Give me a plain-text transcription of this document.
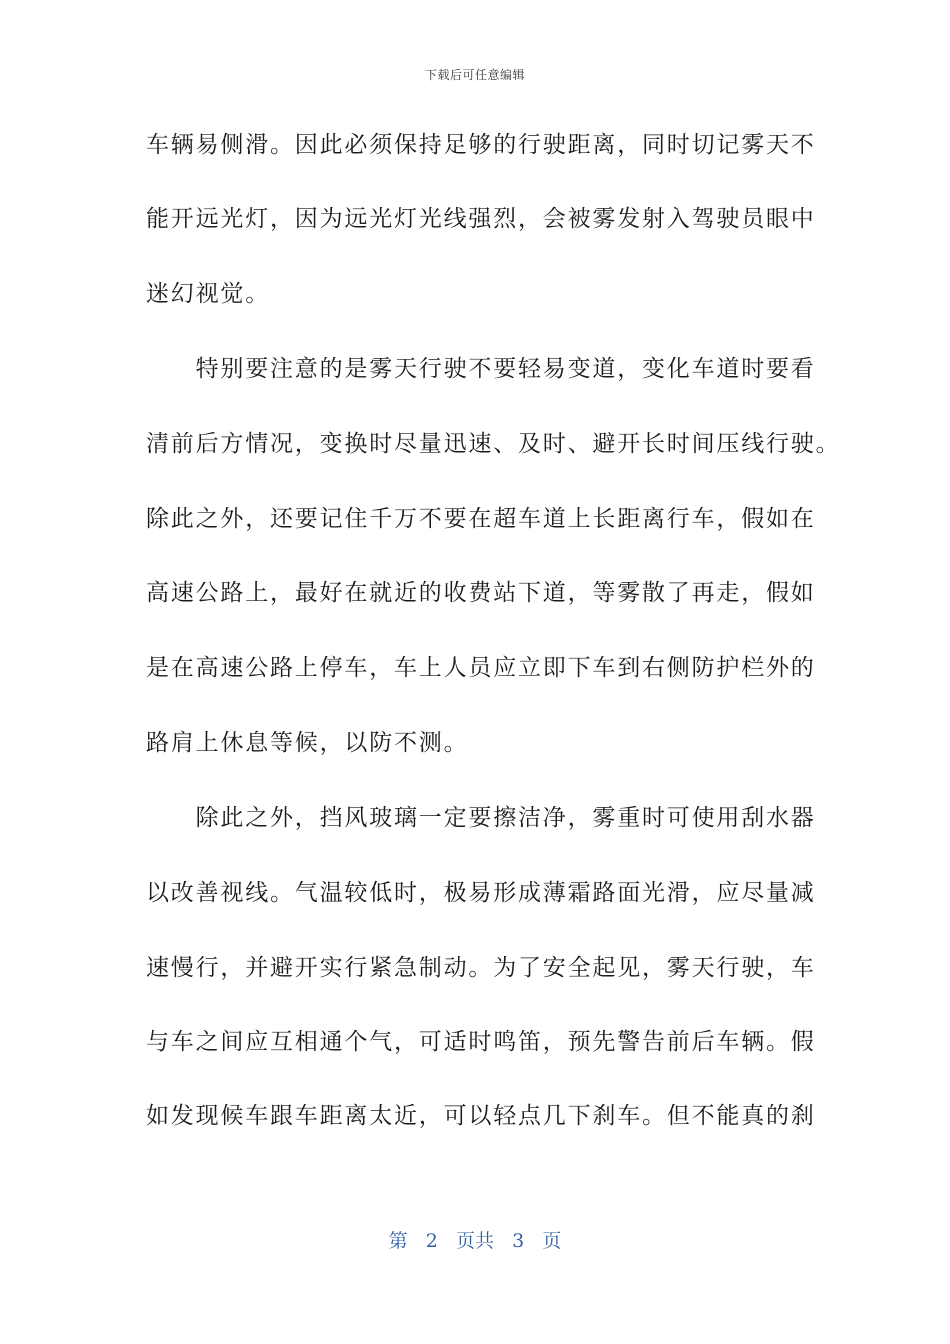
下载后可任意编辑
车辆易侧滑。因此必须保持足够的行驶距离，同时切记雾天不
能开远光灯，因为远光灯光线强烈，会被雾发射入驾驶员眼中
迷幻视觉。
　　特别要注意的是雾天行驶不要轻易变道，变化车道时要看
清前后方情况，变换时尽量迅速、及时、避开长时间压线行驶。
除此之外，还要记住千万不要在超车道上长距离行车，假如在
高速公路上，最好在就近的收费站下道，等雾散了再走，假如
是在高速公路上停车，车上人员应立即下车到右侧防护栏外的
路肩上休息等候，以防不测。
　　除此之外，挡风玻璃一定要擦洁净，雾重时可使用刮水器
以改善视线。气温较低时，极易形成薄霜路面光滑，应尽量减
速慢行，并避开实行紧急制动。为了安全起见，雾天行驶，车
与车之间应互相通个气，可适时鸣笛，预先警告前后车辆。假
如发现候车跟车距离太近，可以轻点几下刹车。但不能真的刹
第 2 页共 3 页
